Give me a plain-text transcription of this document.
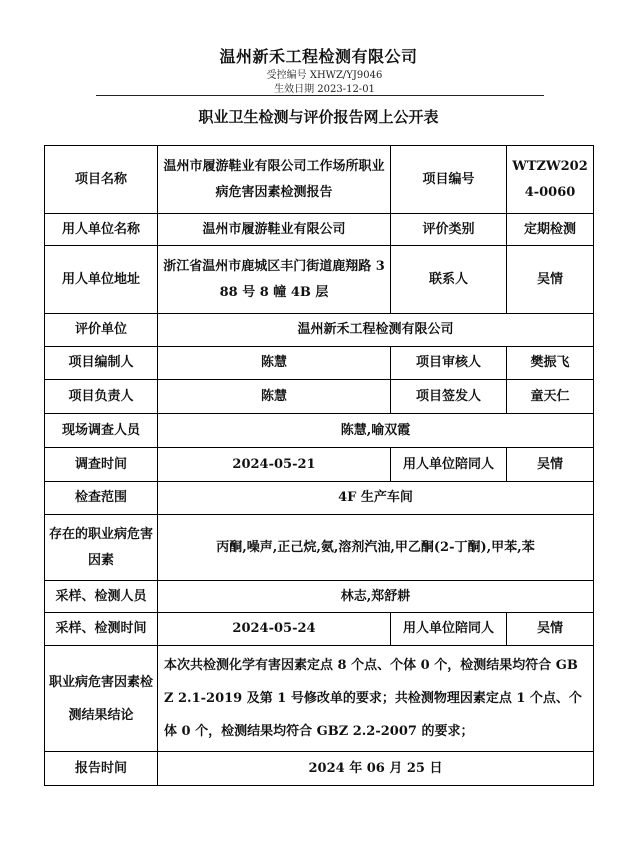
温州新禾工程检测有限公司
受控编号 XHWZ/YJ9046
生效日期 2023-12-01
职业卫生检测与评价报告网上公开表
项目名称	温州市履游鞋业有限公司工作场所职业病危害因素检测报告	项目编号	WTZW2024-0060
用人单位名称	温州市履游鞋业有限公司	评价类别	定期检测
用人单位地址	浙江省温州市鹿城区丰门街道鹿翔路 388 号 8 幢 4B 层	联系人	吴情
评价单位	温州新禾工程检测有限公司		
项目编制人	陈慧	项目审核人	樊振飞
项目负责人	陈慧	项目签发人	童天仁
现场调查人员	陈慧,喻双霞		
调查时间	2024-05-21	用人单位陪同人	吴情
检查范围	4F 生产车间		
存在的职业病危害因素	丙酮,噪声,正己烷,氨,溶剂汽油,甲乙酮(2-丁酮),甲苯,苯		
采样、检测人员	林志,郑舒耕		
采样、检测时间	2024-05-24	用人单位陪同人	吴情
职业病危害因素检测结果结论	本次共检测化学有害因素定点 8 个点、个体 0 个，检测结果均符合 GBZ 2.1-2019 及第 1 号修改单的要求；共检测物理因素定点 1 个点、个体 0 个，检测结果均符合 GBZ 2.2-2007 的要求；		
报告时间	2024 年 06 月 25 日		
